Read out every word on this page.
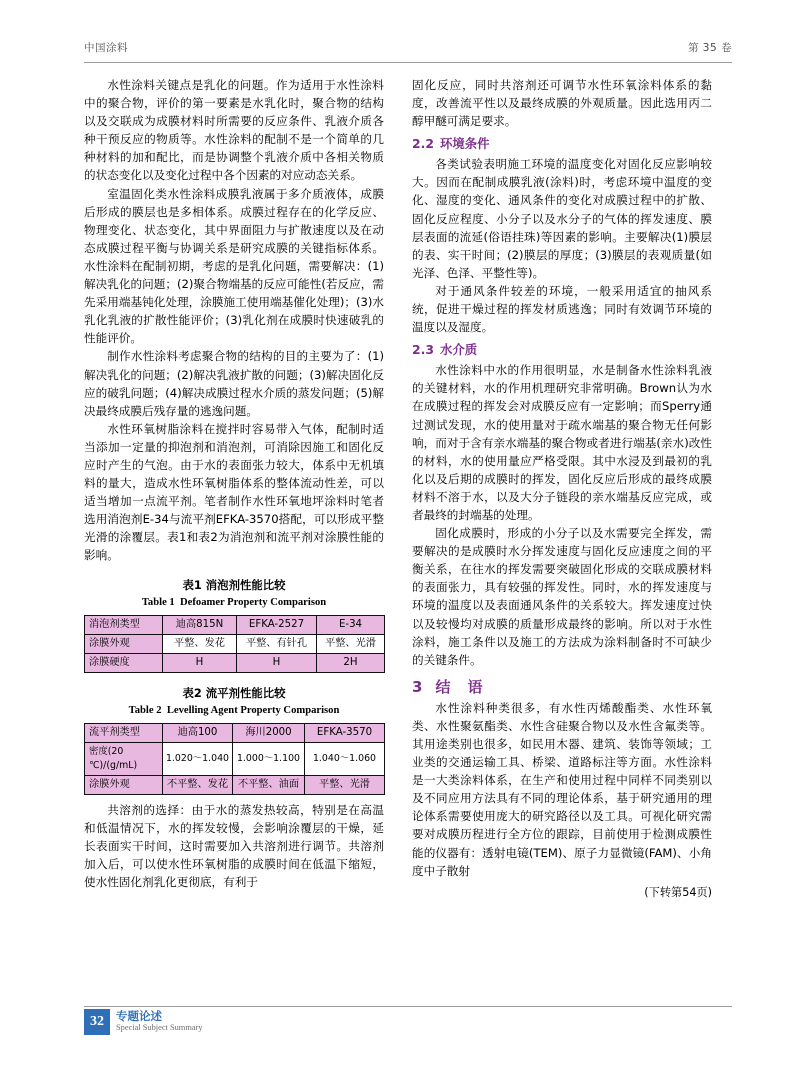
中国涂料	第 35 卷

水性涂料关键点是乳化的问题。作为适用于水性涂料中的聚合物，评价的第一要素是水乳化时，聚合物的结构以及交联成为成膜材料时所需要的反应条件、乳液介质各种干预反应的物质等。水性涂料的配制不是一个简单的几种材料的加和配比，而是协调整个乳液介质中各相关物质的状态变化以及变化过程中各个因素的对应动态关系。

室温固化类水性涂料成膜乳液属于多介质液体，成膜后形成的膜层也是多相体系。成膜过程存在的化学反应、物理变化、状态变化，其中界面阻力与扩散速度以及在动态成膜过程平衡与协调关系是研究成膜的关键指标体系。水性涂料在配制初期，考虑的是乳化问题，需要解决：(1)解决乳化的问题；(2)聚合物端基的反应可能性(若反应，需先采用端基钝化处理，涂膜施工使用端基催化处理)；(3)水乳化乳液的扩散性能评价；(3)乳化剂在成膜时快速破乳的性能评价。

制作水性涂料考虑聚合物的结构的目的主要为了：(1)解决乳化的问题；(2)解决乳液扩散的问题；(3)解决固化反应的破乳问题；(4)解决成膜过程水介质的蒸发问题；(5)解决最终成膜后残存量的逃逸问题。

水性环氧树脂涂料在搅拌时容易带入气体，配制时适当添加一定量的抑泡剂和消泡剂，可消除因施工和固化反应时产生的气泡。由于水的表面张力较大，体系中无机填料的量大，造成水性环氧树脂体系的整体流动性差，可以适当增加一点流平剂。笔者制作水性环氧地坪涂料时笔者选用消泡剂E-34与流平剂EFKA-3570搭配，可以形成平整光滑的涂覆层。表1和表2为消泡剂和流平剂对涂膜性能的影响。

表1 消泡剂性能比较
Table 1 Defoamer Property Comparison
消泡剂类型	迪高815N	EFKA-2527	E-34
涂膜外观	平整、发花	平整、有针孔	平整、光滑
涂膜硬度	H	H	2H
表2 流平剂性能比较
Table 2 Levelling Agent Property Comparison
流平剂类型	迪高100	海川2000	EFKA-3570
密度(20 ℃)/(g/mL)	1.020～1.040	1.000～1.100	1.040～1.060
涂膜外观	不平整、发花	不平整、油面	平整、光滑

共溶剂的选择：由于水的蒸发热较高，特别是在高温和低温情况下，水的挥发较慢，会影响涂覆层的干燥，延长表面实干时间，这时需要加入共溶剂进行调节。共溶剂加入后，可以使水性环氧树脂的成膜时间在低温下缩短，使水性固化剂乳化更彻底，有利于

固化反应，同时共溶剂还可调节水性环氧涂料体系的黏度，改善流平性以及最终成膜的外观质量。因此选用丙二醇甲醚可满足要求。

2.2 环境条件

各类试验表明施工环境的温度变化对固化反应影响较大。因而在配制成膜乳液(涂料)时，考虑环境中温度的变化、湿度的变化、通风条件的变化对成膜过程中的扩散、固化反应程度、小分子以及水分子的气体的挥发速度、膜层表面的流延(俗语挂珠)等因素的影响。主要解决(1)膜层的表、实干时间；(2)膜层的厚度；(3)膜层的表观质量(如光泽、色泽、平整性等)。

对于通风条件较差的环境，一般采用适宜的抽风系统，促进干燥过程的挥发材质逃逸；同时有效调节环境的温度以及湿度。

2.3 水介质

水性涂料中水的作用很明显，水是制备水性涂料乳液的关键材料，水的作用机理研究非常明确。Brown认为水在成膜过程的挥发会对成膜反应有一定影响；而Sperry通过测试发现，水的使用量对于疏水端基的聚合物无任何影响，而对于含有亲水端基的聚合物或者进行端基(亲水)改性的材料，水的使用量应严格受限。其中水浸及到最初的乳化以及后期的成膜时的挥发，固化反应后形成的最终成膜材料不溶于水，以及大分子链段的亲水端基反应完成，或者最终的封端基的处理。

固化成膜时，形成的小分子以及水需要完全挥发，需要解决的是成膜时水分挥发速度与固化反应速度之间的平衡关系，在往水的挥发需要突破固化形成的交联成膜材料的表面张力，具有较强的挥发性。同时，水的挥发速度与环境的温度以及表面通风条件的关系较大。挥发速度过快以及较慢均对成膜的质量形成最终的影响。所以对于水性涂料，施工条件以及施工的方法成为涂料制备时不可缺少的关键条件。

3 结　语

水性涂料种类很多，有水性丙烯酸酯类、水性环氧类、水性聚氨酯类、水性含硅聚合物以及水性含氟类等。其用途类别也很多，如民用木器、建筑、装饰等领域；工业类的交通运输工具、桥梁、道路标注等方面。水性涂料是一大类涂料体系，在生产和使用过程中同样不同类别以及不同应用方法具有不同的理论体系，基于研究通用的理论体系需要使用庞大的研究路径以及工具。可视化研究需要对成膜历程进行全方位的跟踪，目前使用于检测成膜性能的仪器有：透射电镜(TEM)、原子力显微镜(FAM)、小角度中子散射

(下转第54页)

32	专题论述
Special Subject Summary
